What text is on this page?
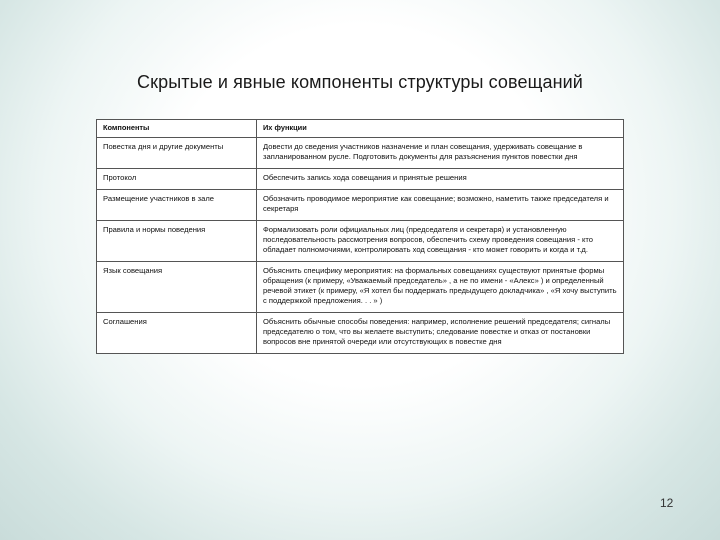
Скрытые и явные компоненты структуры совещаний
Компоненты	Их функции
Повестка дня и другие документы	Довести до сведения участников назначение и план совещания, удерживать совещание в запланированном русле. Подготовить документы для разъяснения пунктов повестки дня
Протокол	Обеспечить запись хода совещания и принятые решения
Размещение участников в зале	Обозначить проводимое мероприятие как совещание; возможно, наметить также председателя и секретаря
Правила и нормы поведения	Формализовать роли официальных лиц (председателя и секретаря) и установленную последовательность рассмотрения вопросов, обеспечить схему проведения совещания - кто обладает полномочиями, контролировать ход совещания - кто может говорить и когда и т.д.
Язык совещания	Объяснить специфику мероприятия: на формальных совещаниях существуют принятые формы обращения (к примеру, «Уважаемый председатель» , а не по имени - «Алекс» ) и определенный речевой этикет (к примеру, «Я хотел бы поддержать предыдущего докладчика» , «Я хочу выступить с поддержкой предложения. . . » )
Соглашения	Объяснить обычные способы поведения: например, исполнение решений председателя; сигналы председателю о том, что вы желаете выступить; следование повестке и отказ от постановки вопросов вне принятой очереди или отсутствующих в повестке дня
12
